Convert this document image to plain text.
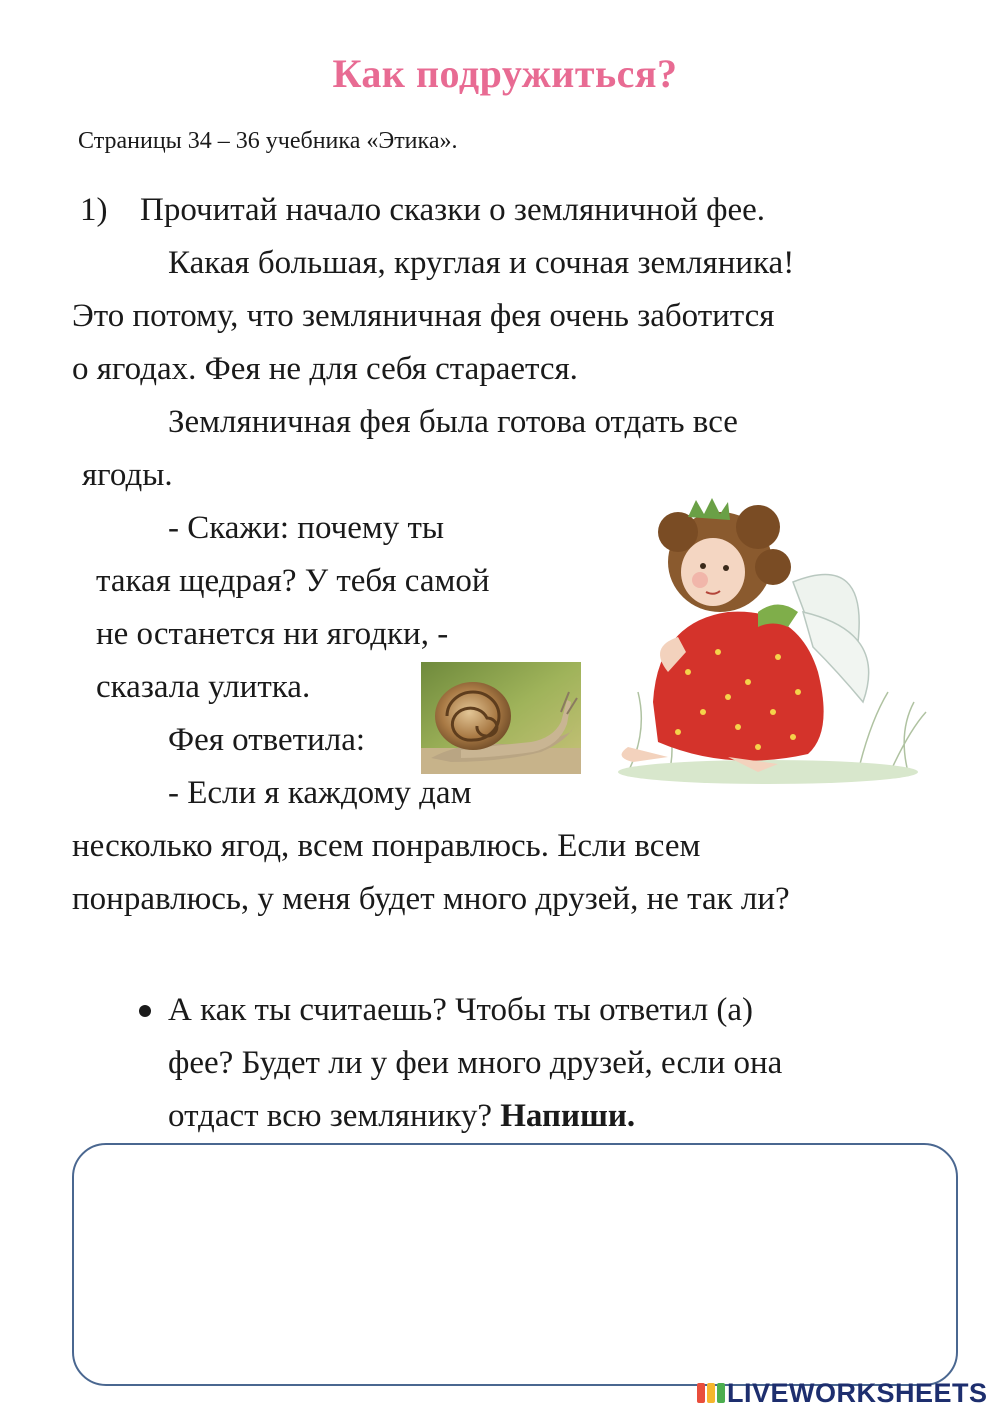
Как подружиться?
Страницы 34 – 36 учебника «Этика».
1) Прочитай начало сказки о земляничной фее.
Какая большая, круглая и сочная земляника!
Это потому, что земляничная фея очень заботится
о ягодах. Фея не для себя старается.
Земляничная фея была готова отдать все
ягоды.
- Скажи: почему ты
такая щедрая? У тебя самой
не останется ни ягодки, -
сказала улитка.
Фея ответила:
- Если я каждому дам
несколько ягод, всем понравлюсь. Если всем
понравлюсь, у меня будет много друзей, не так ли?
А как ты считаешь? Чтобы ты ответил (а)
фее? Будет ли у феи много друзей, если она
отдаст всю землянику? Напиши.
LIVEWORKSHEETS
